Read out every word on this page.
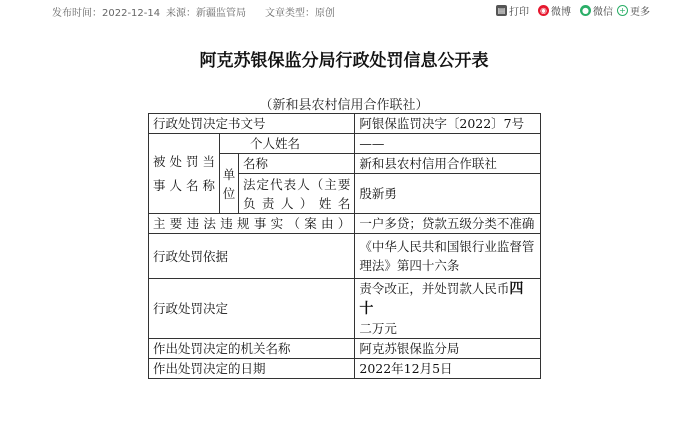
发布时间：2022-12-14 来源：新疆监管局 文章类型：原创	▤ 打印 ◉ 微博 ● 微信 + 更多
阿克苏银保监分局行政处罚信息公开表
（新和县农村信用合作联社）
行政处罚决定书文号			阿银保监罚决字〔2022〕7号
被处罚当事人名称	个人姓名		——
	单位	名称	新和县农村信用合作联社
		法定代表人（主要负责人）姓名	殷新勇

主要违法违规事实（案由）			一户多贷；贷款五级分类不准确
行政处罚依据			《中华人民共和国银行业监督管理法》第四十六条
行政处罚决定			责令改正，并处罚款人民币四十
二万元
作出处罚决定的机关名称			阿克苏银保监分局
作出处罚决定的日期			2022年12月5日
